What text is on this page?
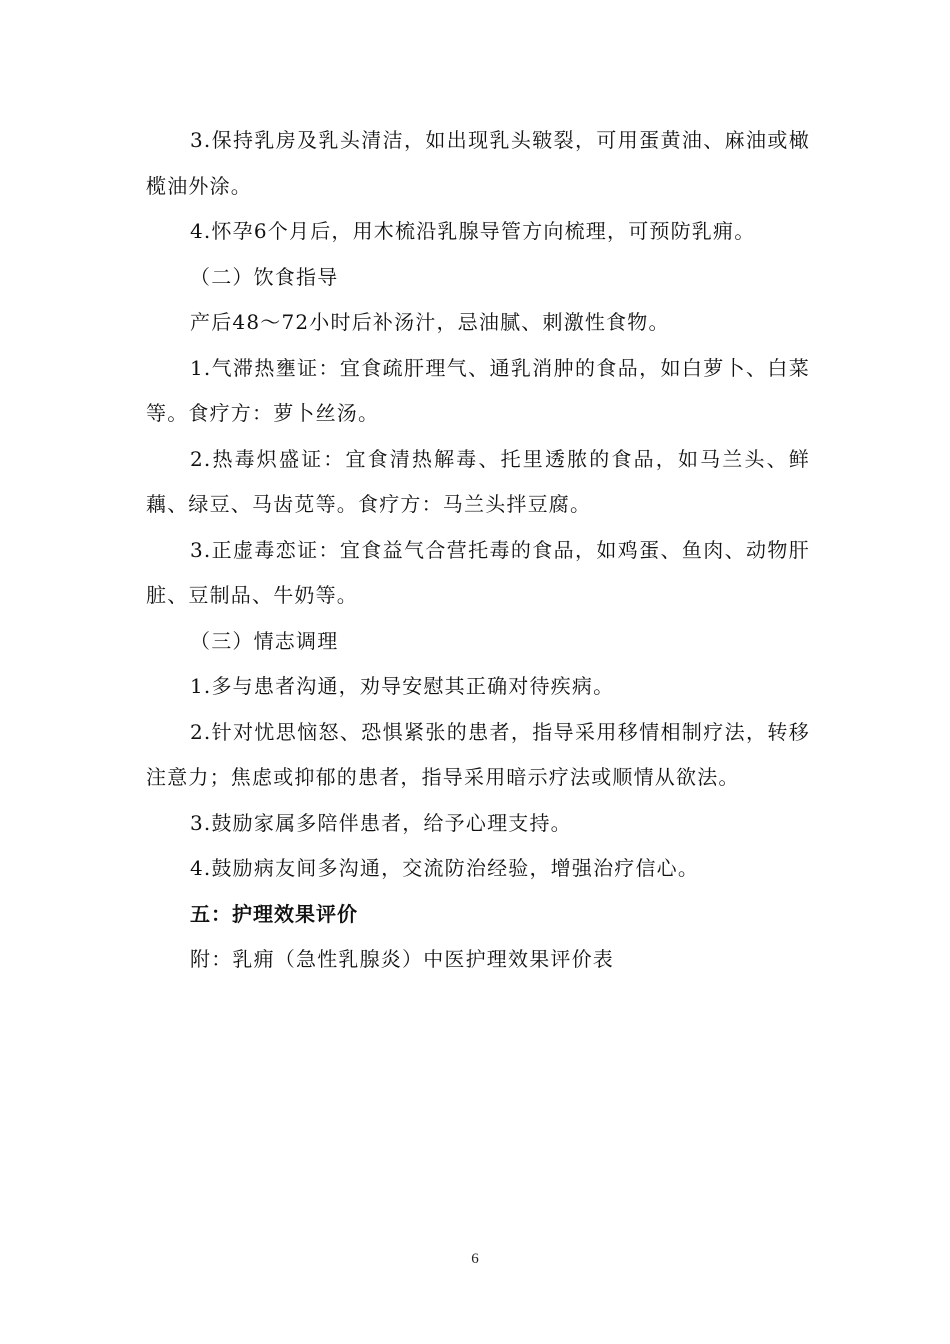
3.保持乳房及乳头清洁，如出现乳头皲裂，可用蛋黄油、麻油或橄榄油外涂。

4.怀孕6个月后，用木梳沿乳腺导管方向梳理，可预防乳痈。

（二）饮食指导

产后48～72小时后补汤汁，忌油腻、刺激性食物。

1.气滞热壅证：宜食疏肝理气、通乳消肿的食品，如白萝卜、白菜等。食疗方：萝卜丝汤。

2.热毒炽盛证：宜食清热解毒、托里透脓的食品，如马兰头、鲜藕、绿豆、马齿苋等。食疗方：马兰头拌豆腐。

3.正虚毒恋证：宜食益气合营托毒的食品，如鸡蛋、鱼肉、动物肝脏、豆制品、牛奶等。

（三）情志调理

1.多与患者沟通，劝导安慰其正确对待疾病。

2.针对忧思恼怒、恐惧紧张的患者，指导采用移情相制疗法，转移注意力；焦虑或抑郁的患者，指导采用暗示疗法或顺情从欲法。

3.鼓励家属多陪伴患者，给予心理支持。

4.鼓励病友间多沟通，交流防治经验，增强治疗信心。

五：护理效果评价

附：乳痈（急性乳腺炎）中医护理效果评价表

6
